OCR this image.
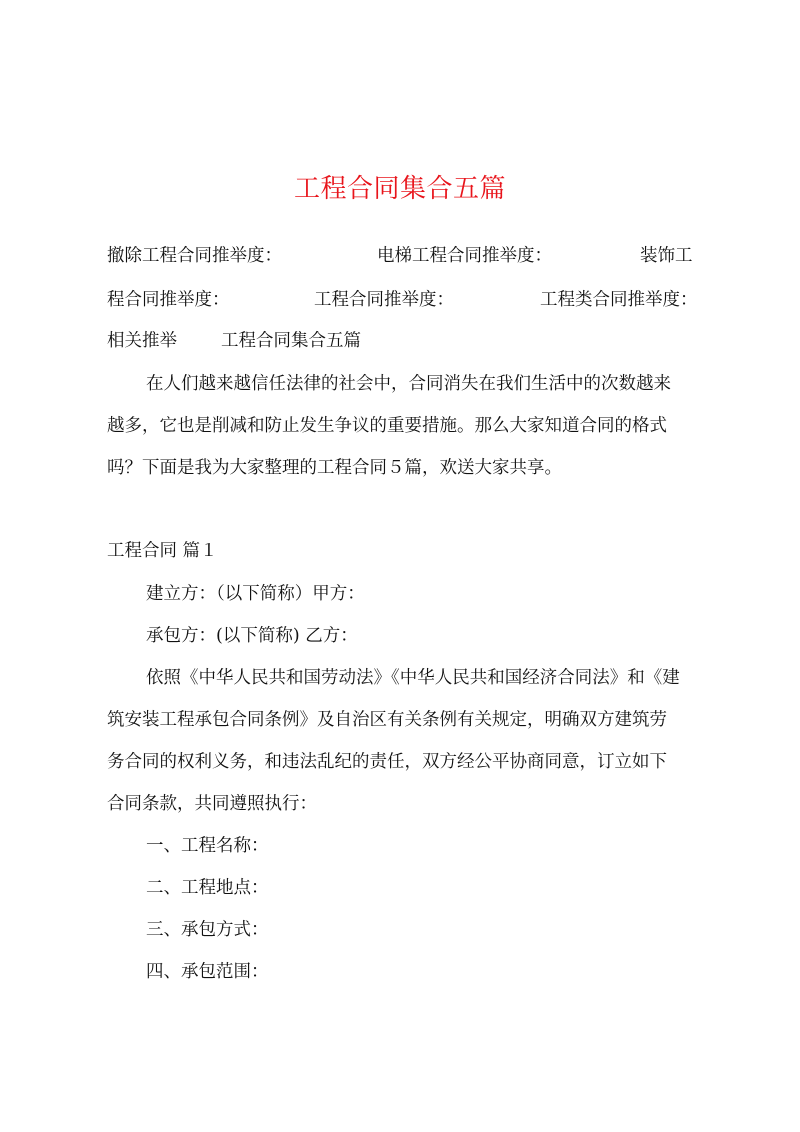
工程合同集合五篇
撤除工程合同推举度：	电梯工程合同推举度：	装饰工
程合同推举度：	工程合同推举度：	工程类合同推举度：
相关推举	工程合同集合五篇
在人们越来越信任法律的社会中，合同消失在我们生活中的次数越来
越多，它也是削减和防止发生争议的重要措施。那么大家知道合同的格式
吗？下面是我为大家整理的工程合同５篇，欢送大家共享。
工程合同 篇１
建立方：（以下简称）甲方：
承包方：(以下简称) 乙方：
依照《中华人民共和国劳动法》《中华人民共和国经济合同法》和《建
筑安装工程承包合同条例》及自治区有关条例有关规定，明确双方建筑劳
务合同的权利义务，和违法乱纪的责任，双方经公平协商同意，订立如下
合同条款，共同遵照执行：
一、工程名称：
二、工程地点：
三、承包方式：
四、承包范围：
